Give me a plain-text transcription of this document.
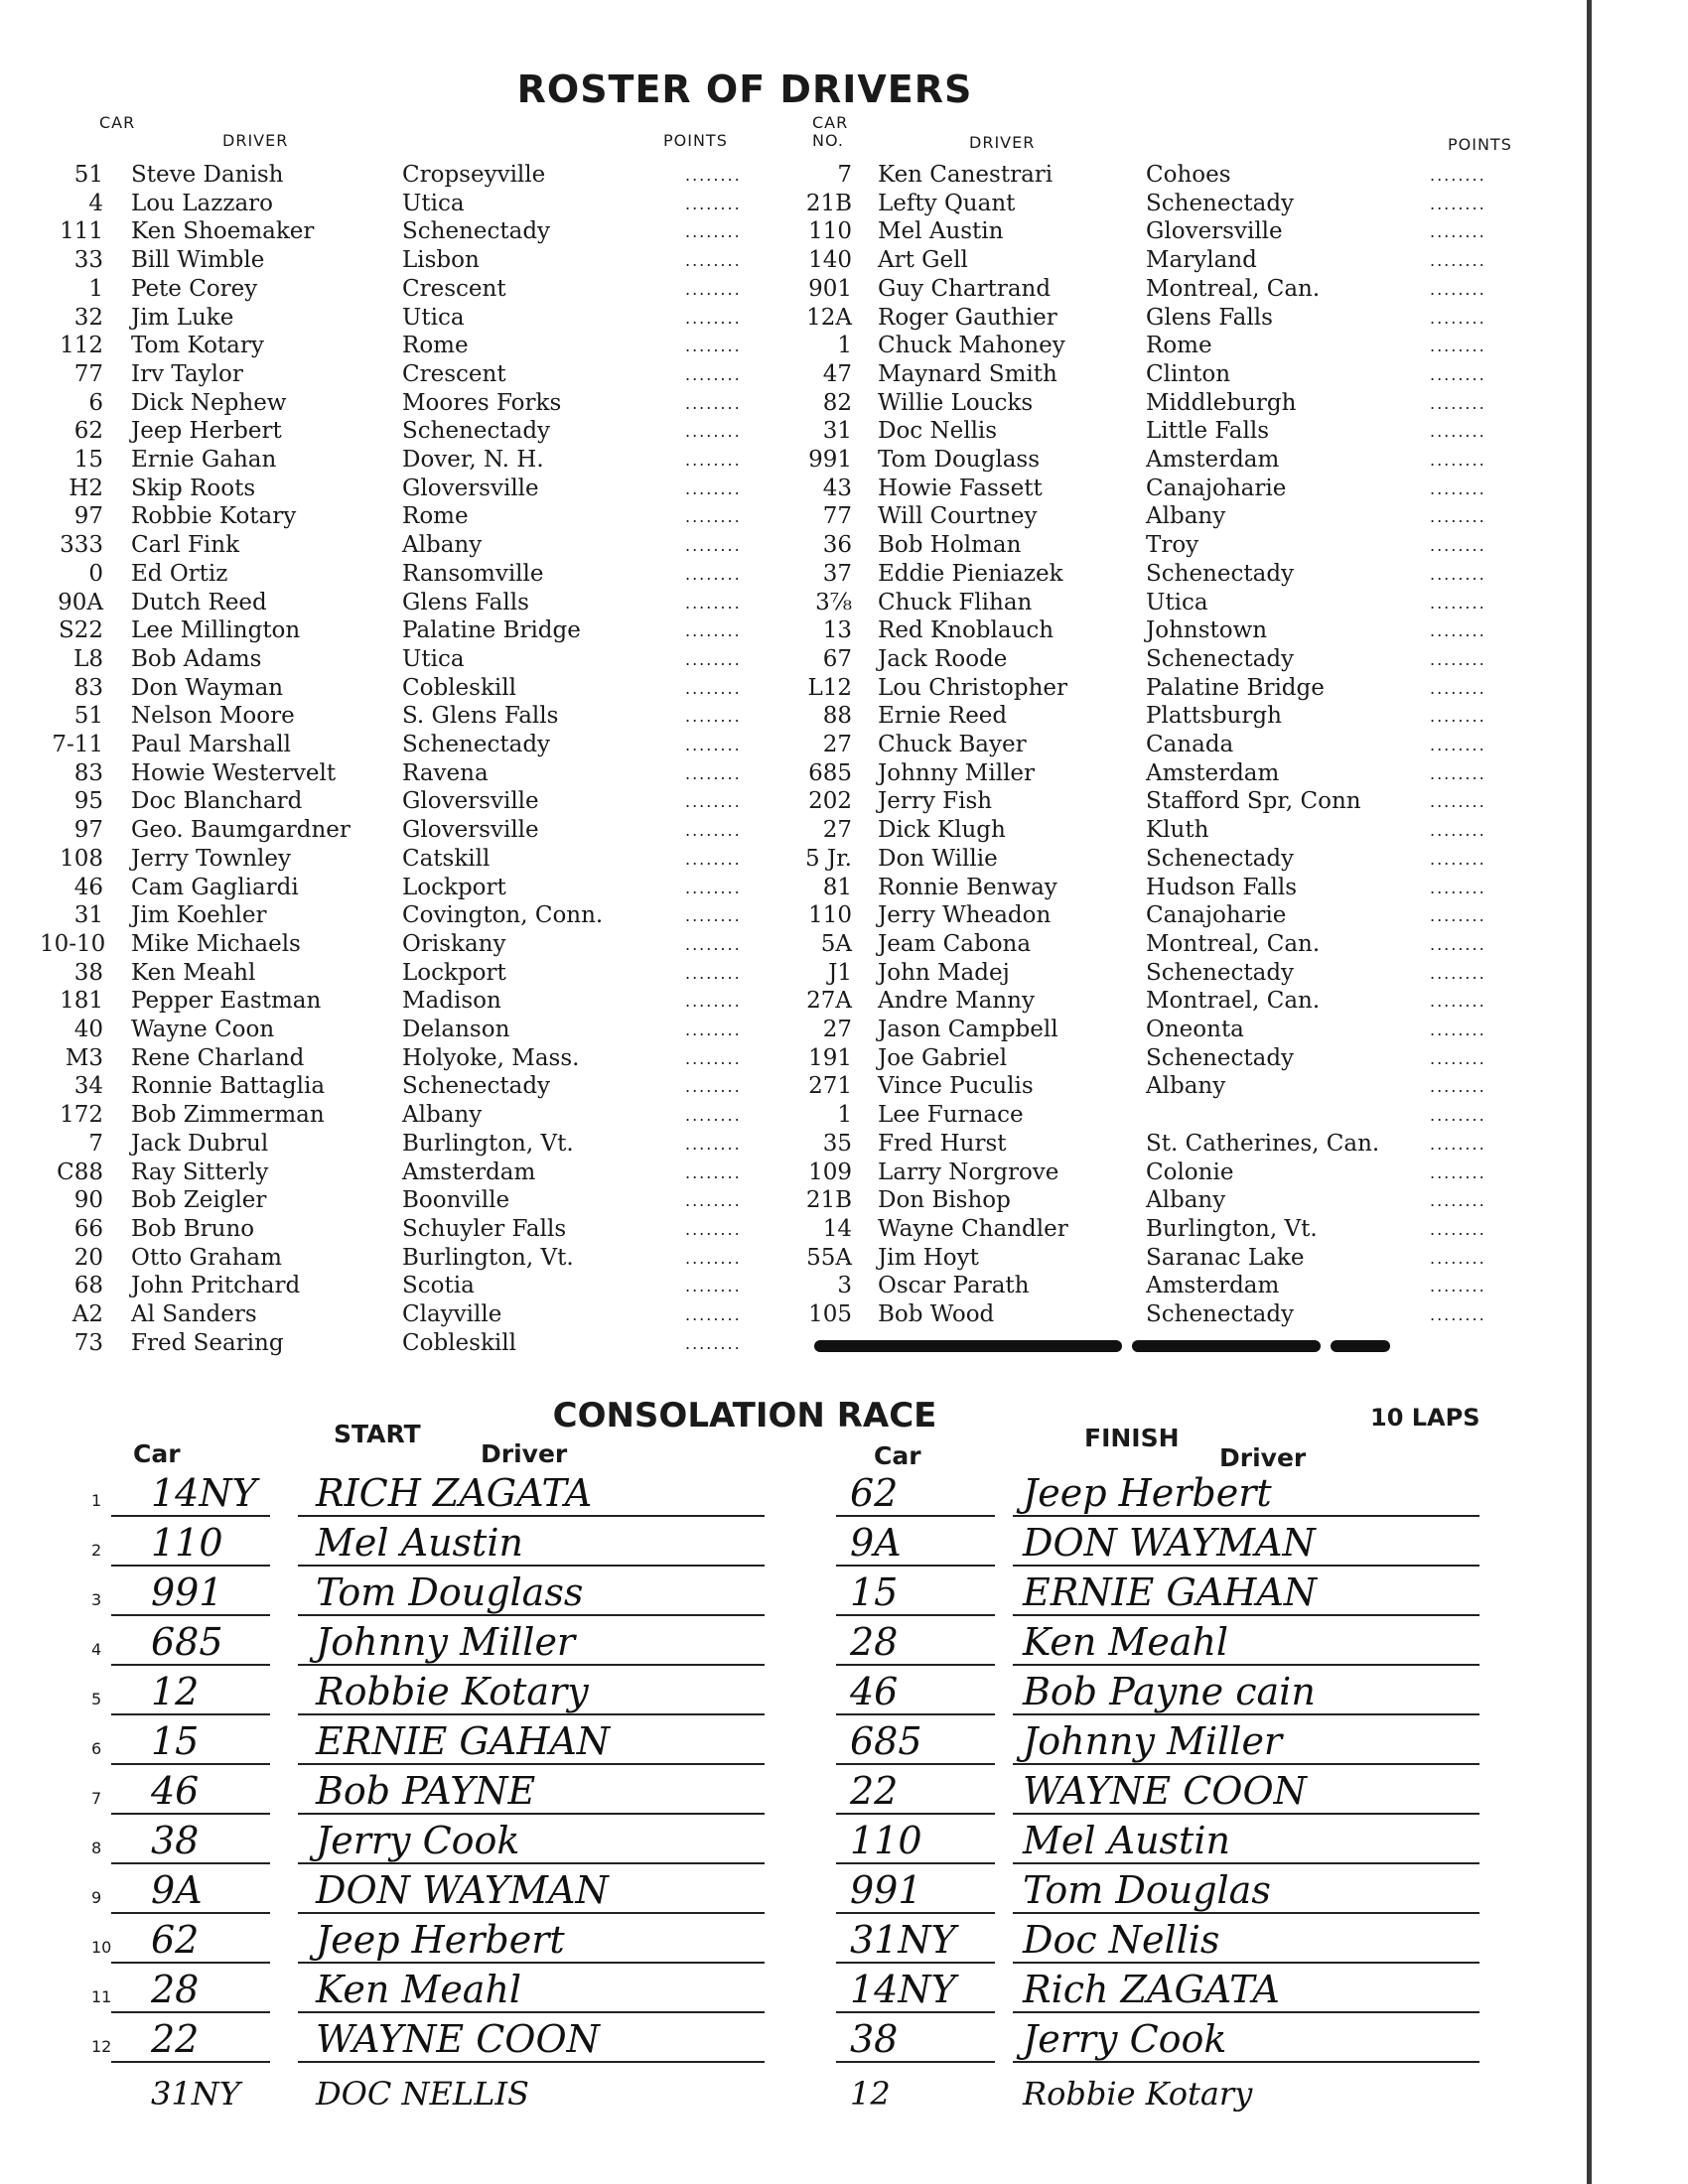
ROSTER OF DRIVERS
CAR
DRIVER	POINTS
CAR
NO.	DRIVER	POINTS
51 Steve Danish	Cropseyville	........
4 Lou Lazzaro	Utica	........
111 Ken Shoemaker	Schenectady	........
33 Bill Wimble	Lisbon	........
1 Pete Corey	Crescent	........
32 Jim Luke	Utica	........
112 Tom Kotary	Rome	........
77 Irv Taylor	Crescent	........
6 Dick Nephew	Moores Forks	........
62 Jeep Herbert	Schenectady	........
15 Ernie Gahan	Dover, N. H.	........
H2 Skip Roots	Gloversville	........
97 Robbie Kotary	Rome	........
333 Carl Fink	Albany	........
0 Ed Ortiz	Ransomville	........
90A Dutch Reed	Glens Falls	........
S22 Lee Millington	Palatine Bridge	........
L8 Bob Adams	Utica	........
83 Don Wayman	Cobleskill	........
51 Nelson Moore	S. Glens Falls	........
7-11 Paul Marshall	Schenectady	........
83 Howie Westervelt	Ravena	........
95 Doc Blanchard	Gloversville	........
97 Geo. Baumgardner Gloversville	........
108 Jerry Townley	Catskill	........
46 Cam Gagliardi	Lockport	........
31 Jim Koehler	Covington, Conn.	........
10-10 Mike Michaels	Oriskany	........
38 Ken Meahl	Lockport	........
181 Pepper Eastman	Madison	........
40 Wayne Coon	Delanson	........
M3 Rene Charland	Holyoke, Mass.	........
34 Ronnie Battaglia	Schenectady	........
172 Bob Zimmerman	Albany	........
7 Jack Dubrul	Burlington, Vt.	........
C88 Ray Sitterly	Amsterdam	........
90 Bob Zeigler	Boonville	........
66 Bob Bruno	Schuyler Falls	........
20 Otto Graham	Burlington, Vt.	........
68 John Pritchard	Scotia	........
A2 Al Sanders	Clayville	........
73 Fred Searing	Cobleskill	........
7 Ken Canestrari	Cohoes	........
21B Lefty Quant	Schenectady	........
110 Mel Austin	Gloversville	........
140 Art Gell	Maryland	........
901 Guy Chartrand	Montreal, Can.	........
12A Roger Gauthier	Glens Falls	........
1 Chuck Mahoney	Rome	........
47 Maynard Smith	Clinton	........
82 Willie Loucks	Middleburgh	........
31 Doc Nellis	Little Falls	........
991 Tom Douglass	Amsterdam	........
43 Howie Fassett	Canajoharie	........
77 Will Courtney	Albany	........
36 Bob Holman	Troy	........
37 Eddie Pieniazek	Schenectady	........
3⅞ Chuck Flihan	Utica	........
13 Red Knoblauch	Johnstown	........
67 Jack Roode	Schenectady	........
L12 Lou Christopher	Palatine Bridge	........
88 Ernie Reed	Plattsburgh	........
27 Chuck Bayer	Canada	........
685 Johnny Miller	Amsterdam	........
202 Jerry Fish	Stafford Spr, Conn	........
27 Dick Klugh	Kluth	........
5 Jr. Don Willie	Schenectady	........
81 Ronnie Benway	Hudson Falls	........
110 Jerry Wheadon	Canajoharie	........
5A Jeam Cabona	Montreal, Can.	........
J1 John Madej	Schenectady	........
27A Andre Manny	Montrael, Can.	........
27 Jason Campbell	Oneonta	........
191 Joe Gabriel	Schenectady	........
271 Vince Puculis	Albany	........
1 Lee Furnace	........
35 Fred Hurst	St. Catherines, Can.	........
109 Larry Norgrove	Colonie	........
21B Don Bishop	Albany	........
14 Wayne Chandler	Burlington, Vt.	........
55A Jim Hoyt	Saranac Lake	........
3 Oscar Parath	Amsterdam	........
105 Bob Wood	Schenectady	........
CONSOLATION RACE	10 LAPS
START	FINISH
Car	Driver	Car	Driver
1 14NY RICH ZAGATA	62	Jeep Herbert
2 110 Mel Austin	9A	DON WAYMAN
3 991 Tom Douglass	15	ERNIE GAHAN
4 685 Johnny Miller	28	Ken Meahl
5 12	Robbie Kotary	46	Bob Payne cain
6 15	ERNIE GAHAN	685	Johnny Miller
7 46	Bob PAYNE	22	WAYNE COON
8 38	Jerry Cook	110	Mel Austin
9 9A	DON WAYMAN	991	Tom Douglas
10 62	Jeep Herbert	31NY Doc Nellis
11 28	Ken Meahl	14NY Rich ZAGATA
12 22	WAYNE COON	38	Jerry Cook
31NY DOC NELLIS	12	Robbie Kotary
